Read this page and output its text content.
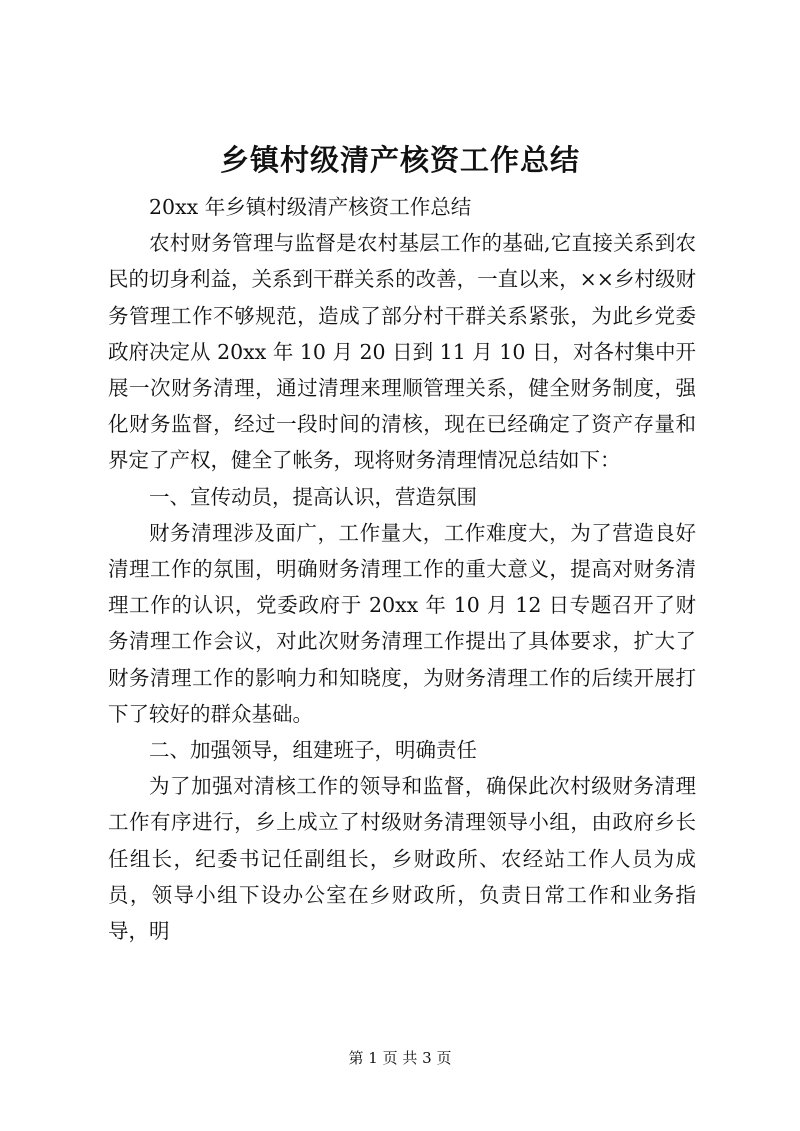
乡镇村级清产核资工作总结

20xx 年乡镇村级清产核资工作总结

农村财务管理与监督是农村基层工作的基础,它直接关系到农民的切身利益，关系到干群关系的改善，一直以来，××乡村级财务管理工作不够规范，造成了部分村干群关系紧张，为此乡党委政府决定从 20xx 年 10 月 20 日到 11 月 10 日，对各村集中开展一次财务清理，通过清理来理顺管理关系，健全财务制度，强化财务监督，经过一段时间的清核，现在已经确定了资产存量和界定了产权，健全了帐务，现将财务清理情况总结如下：

一、宣传动员，提高认识，营造氛围

财务清理涉及面广，工作量大，工作难度大，为了营造良好清理工作的氛围，明确财务清理工作的重大意义，提高对财务清理工作的认识，党委政府于 20xx 年 10 月 12 日专题召开了财务清理工作会议，对此次财务清理工作提出了具体要求，扩大了财务清理工作的影响力和知晓度，为财务清理工作的后续开展打下了较好的群众基础。

二、加强领导，组建班子，明确责任

为了加强对清核工作的领导和监督，确保此次村级财务清理工作有序进行，乡上成立了村级财务清理领导小组，由政府乡长任组长，纪委书记任副组长，乡财政所、农经站工作人员为成员，领导小组下设办公室在乡财政所，负责日常工作和业务指导，明

第 1 页 共 3 页
